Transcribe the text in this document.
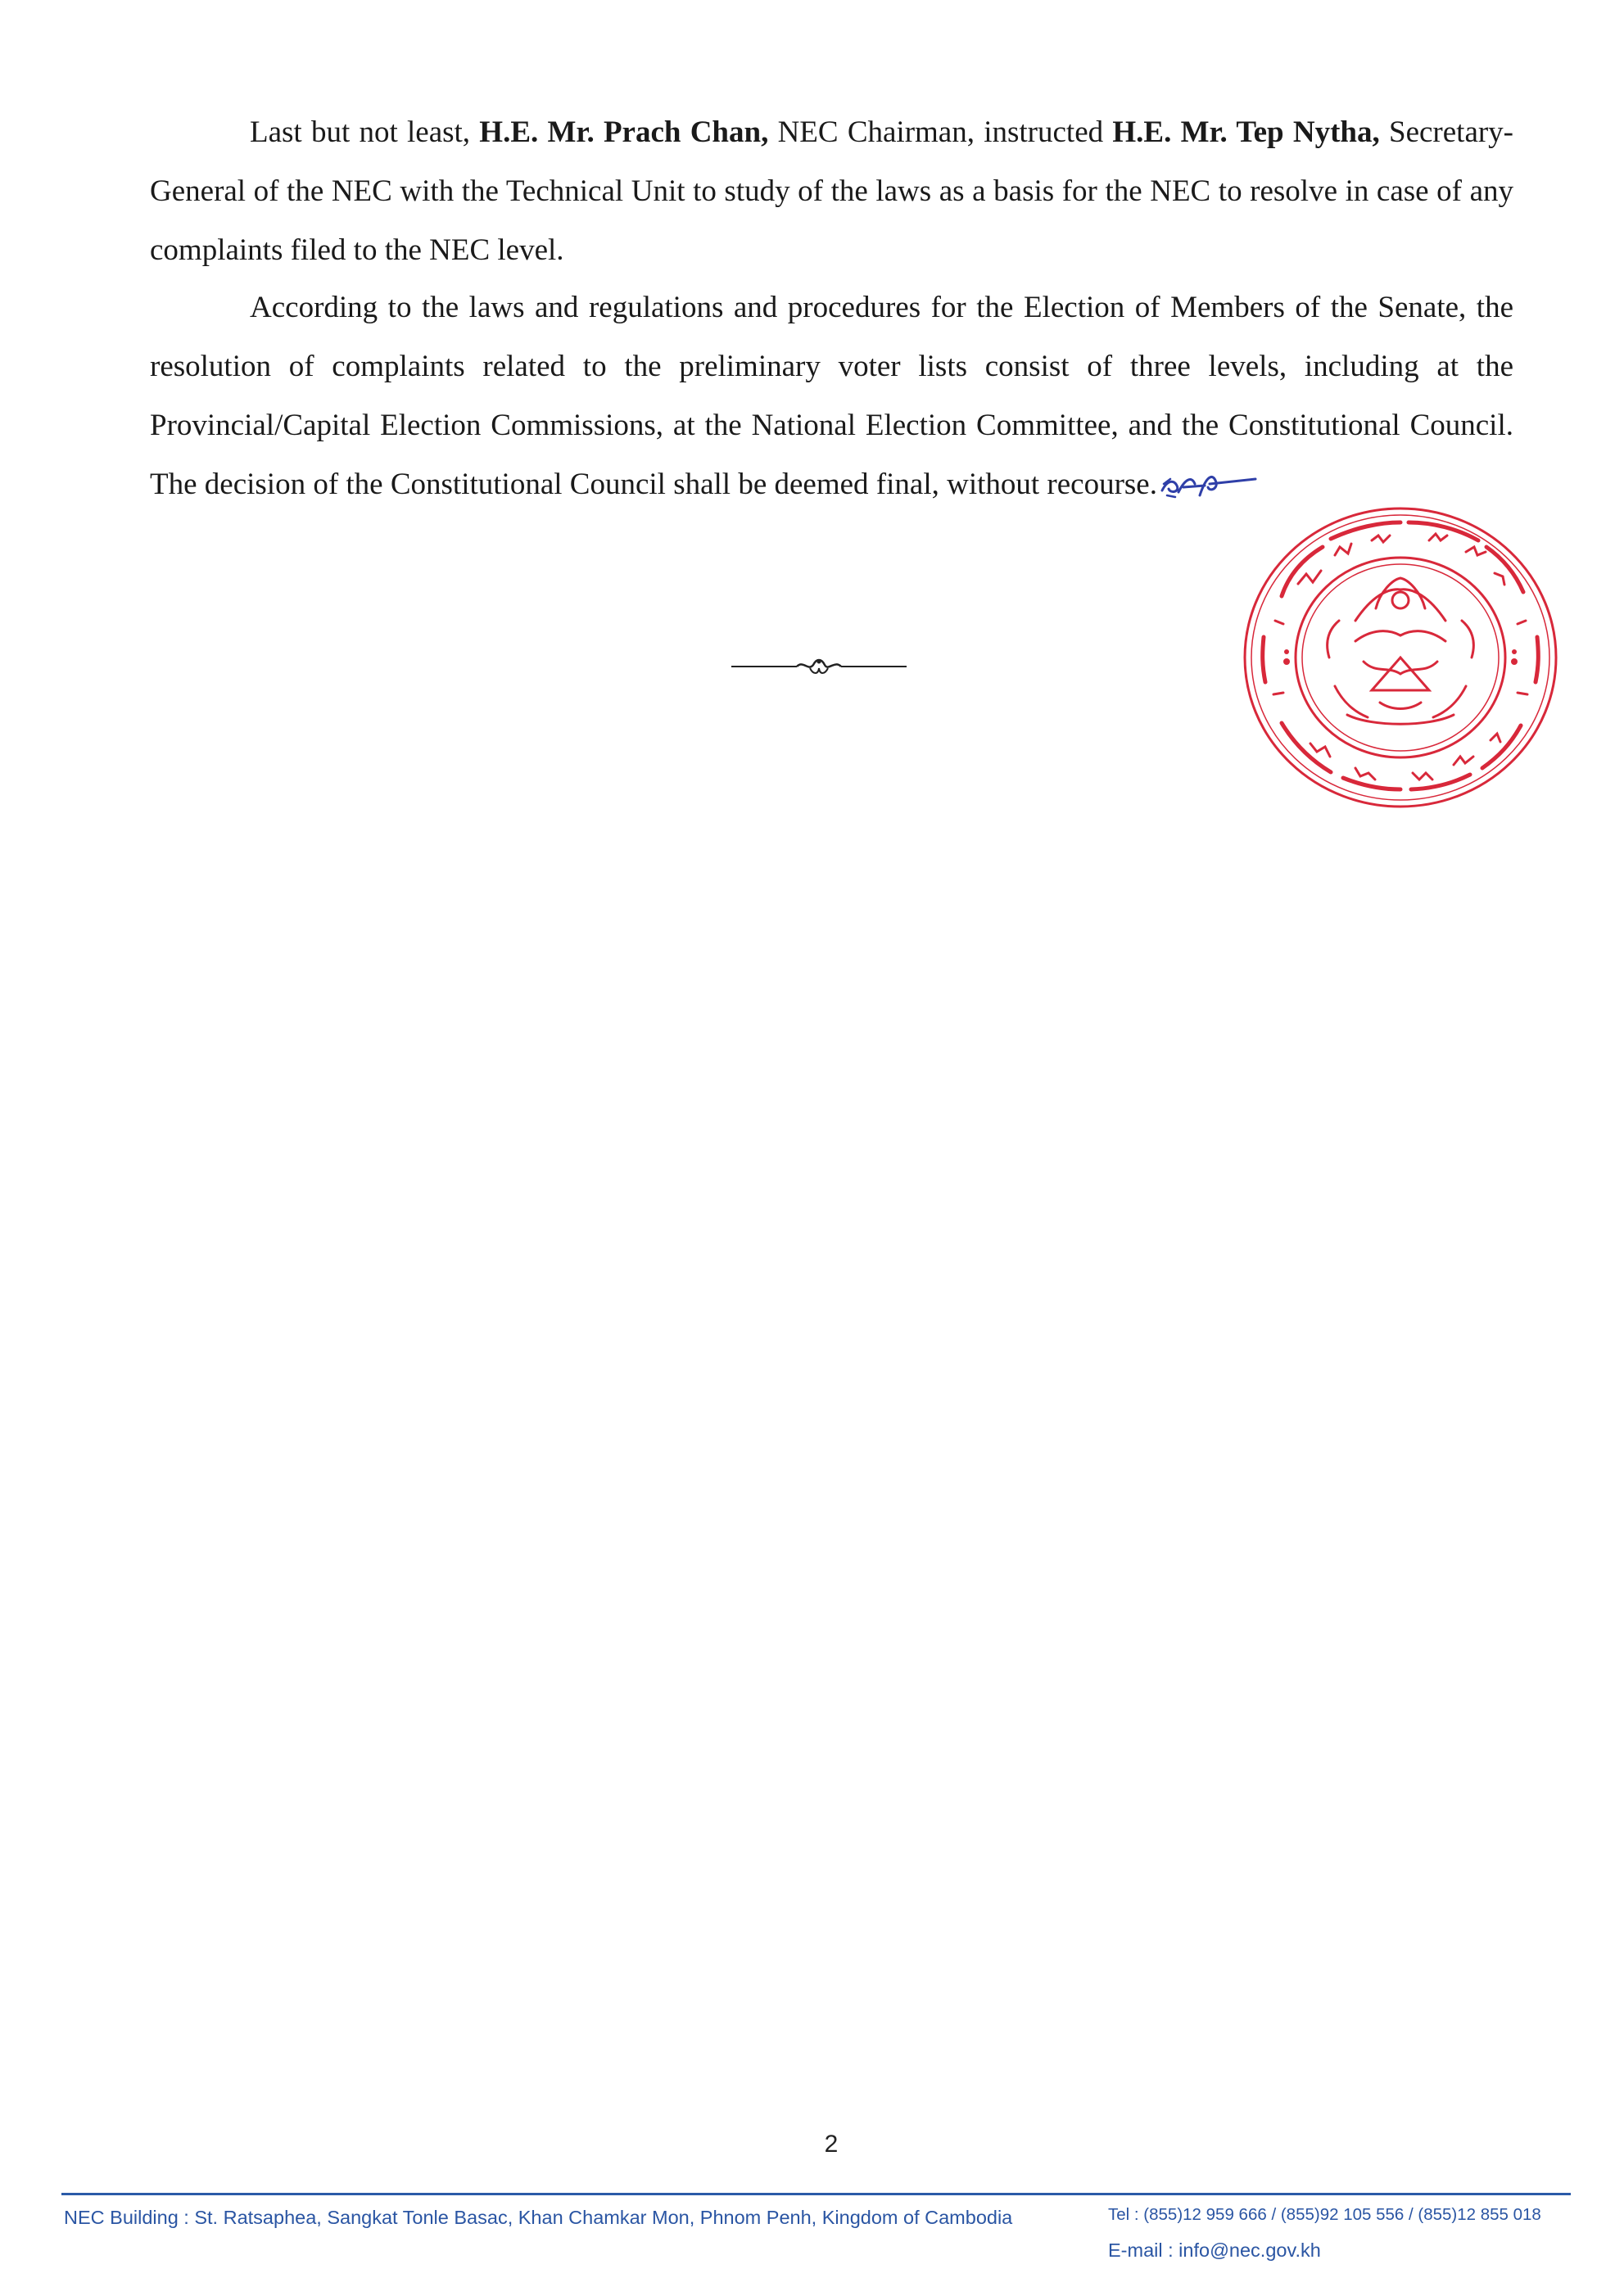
Last but not least, H.E. Mr. Prach Chan, NEC Chairman, instructed H.E. Mr. Tep Nytha, Secretary-General of the NEC with the Technical Unit to study of the laws as a basis for the NEC to resolve in case of any complaints filed to the NEC level.

According to the laws and regulations and procedures for the Election of Members of the Senate, the resolution of complaints related to the preliminary voter lists consist of three levels, including at the Provincial/Capital Election Commissions, at the National Election Committee, and the Constitutional Council. The decision of the Constitutional Council shall be deemed final, without recourse.

2
NEC Building : St. Ratsaphea, Sangkat Tonle Basac, Khan Chamkar Mon, Phnom Penh, Kingdom of Cambodia	Tel : (855)12 959 666 / (855)92 105 556 / (855)12 855 018
E-mail : info@nec.gov.kh
